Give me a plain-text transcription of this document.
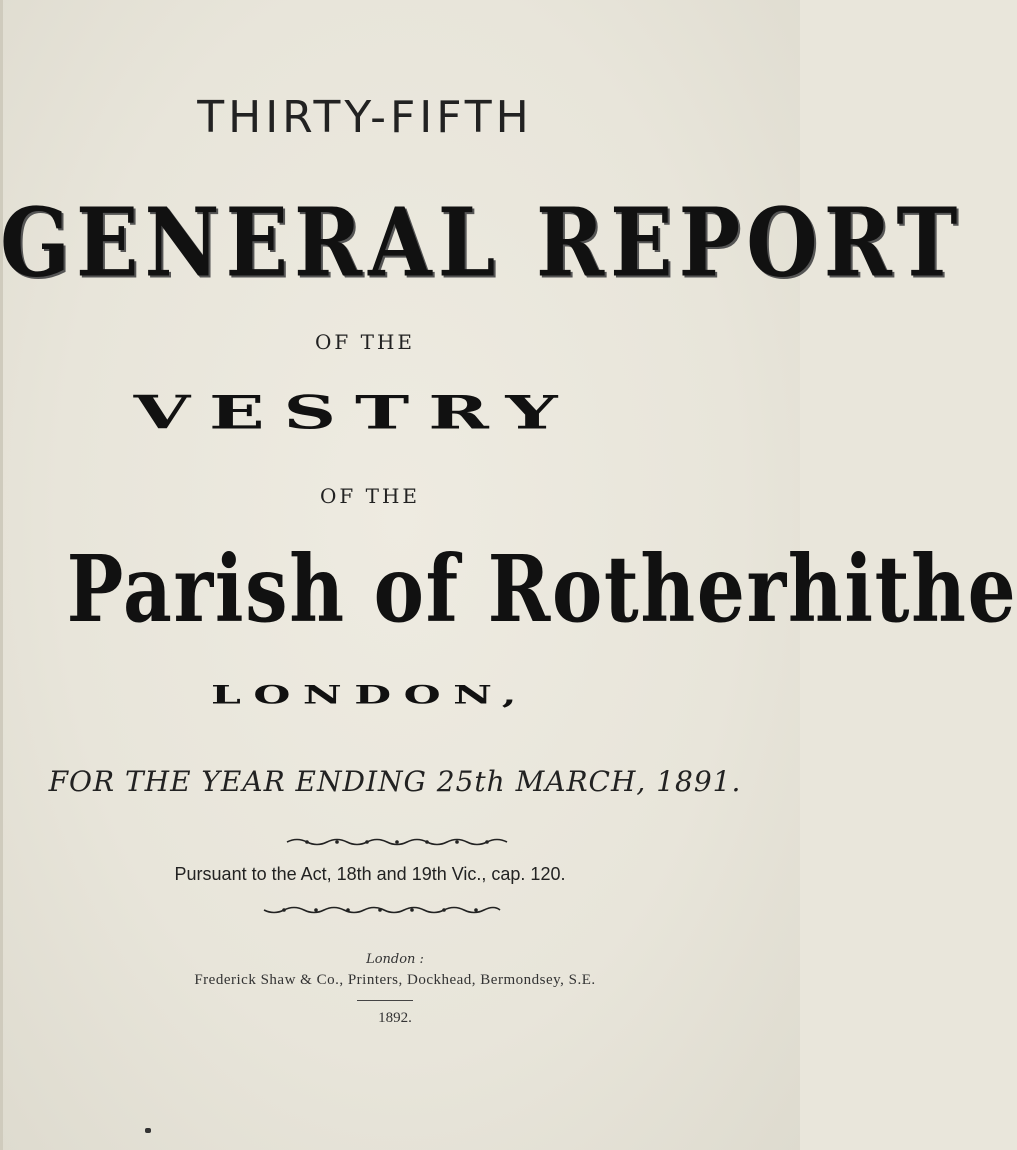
THIRTY-FIFTH
GENERAL REPORT
OF THE
VESTRY
OF THE
Parish of Rotherhithe
LONDON,
FOR THE YEAR ENDING 25th MARCH, 1891.
Pursuant to the Act, 18th and 19th Vic., cap. 120.
London :
Frederick Shaw & Co., Printers, Dockhead, Bermondsey, S.E.
1892.
